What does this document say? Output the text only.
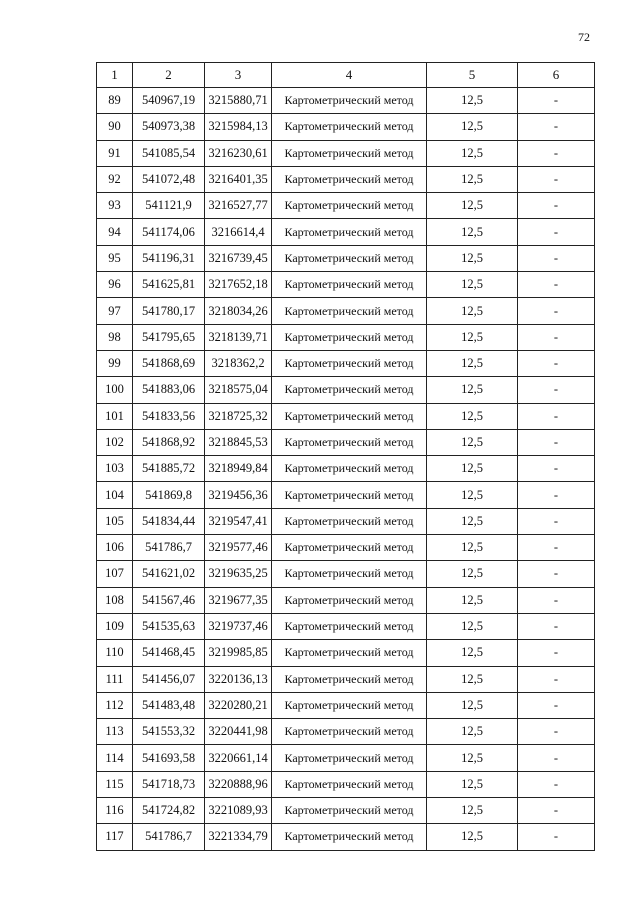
72
1	2	3	4	5	6
89	540967,19	3215880,71	Картометрический метод	12,5	-
90	540973,38	3215984,13	Картометрический метод	12,5	-
91	541085,54	3216230,61	Картометрический метод	12,5	-
92	541072,48	3216401,35	Картометрический метод	12,5	-
93	541121,9	3216527,77	Картометрический метод	12,5	-
94	541174,06	3216614,4	Картометрический метод	12,5	-
95	541196,31	3216739,45	Картометрический метод	12,5	-
96	541625,81	3217652,18	Картометрический метод	12,5	-
97	541780,17	3218034,26	Картометрический метод	12,5	-
98	541795,65	3218139,71	Картометрический метод	12,5	-
99	541868,69	3218362,2	Картометрический метод	12,5	-
100	541883,06	3218575,04	Картометрический метод	12,5	-
101	541833,56	3218725,32	Картометрический метод	12,5	-
102	541868,92	3218845,53	Картометрический метод	12,5	-
103	541885,72	3218949,84	Картометрический метод	12,5	-
104	541869,8	3219456,36	Картометрический метод	12,5	-
105	541834,44	3219547,41	Картометрический метод	12,5	-
106	541786,7	3219577,46	Картометрический метод	12,5	-
107	541621,02	3219635,25	Картометрический метод	12,5	-
108	541567,46	3219677,35	Картометрический метод	12,5	-
109	541535,63	3219737,46	Картометрический метод	12,5	-
110	541468,45	3219985,85	Картометрический метод	12,5	-
111	541456,07	3220136,13	Картометрический метод	12,5	-
112	541483,48	3220280,21	Картометрический метод	12,5	-
113	541553,32	3220441,98	Картометрический метод	12,5	-
114	541693,58	3220661,14	Картометрический метод	12,5	-
115	541718,73	3220888,96	Картометрический метод	12,5	-
116	541724,82	3221089,93	Картометрический метод	12,5	-
117	541786,7	3221334,79	Картометрический метод	12,5	-
